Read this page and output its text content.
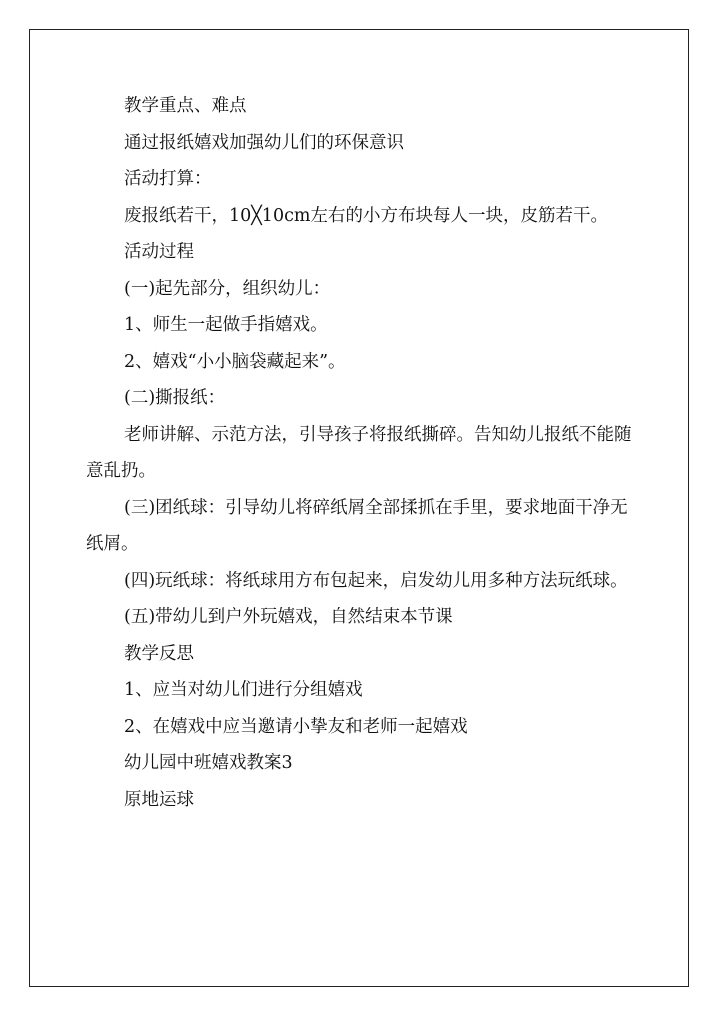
教学重点、难点

通过报纸嬉戏加强幼儿们的环保意识

活动打算：

废报纸若干，10╳10cm左右的小方布块每人一块，皮筋若干。

活动过程

(一)起先部分，组织幼儿：

1、师生一起做手指嬉戏。

2、嬉戏“小小脑袋藏起来”。

(二)撕报纸：

老师讲解、示范方法，引导孩子将报纸撕碎。告知幼儿报纸不能随意乱扔。

(三)团纸球：引导幼儿将碎纸屑全部揉抓在手里，要求地面干净无纸屑。

(四)玩纸球：将纸球用方布包起来，启发幼儿用多种方法玩纸球。

(五)带幼儿到户外玩嬉戏，自然结束本节课

教学反思

1、应当对幼儿们进行分组嬉戏

2、在嬉戏中应当邀请小挚友和老师一起嬉戏

幼儿园中班嬉戏教案3

原地运球
